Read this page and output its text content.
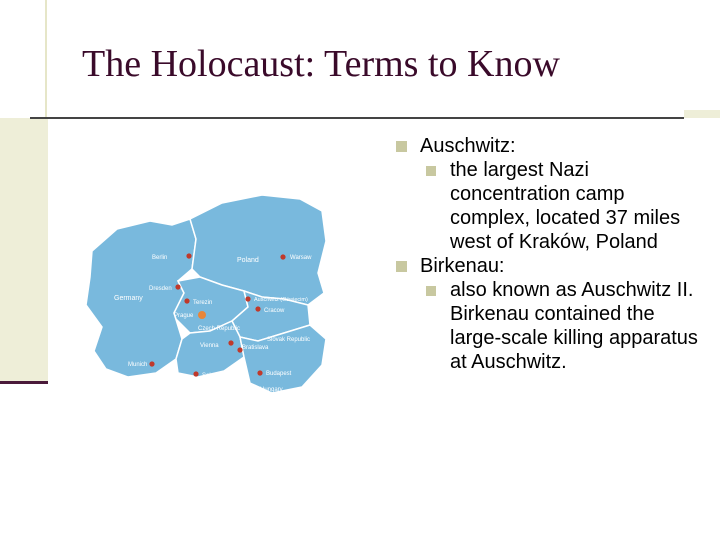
The Holocaust: Terms to Know
Poland
Germany
Czech Republic
Slovak Republic
Austria	Hungary
Berlin	Warsaw
Dresden
Terezin
Prague
Auschwitz (Oświęcim)
Cracow
Vienna	Bratislava
Munich
Salzburg	Budapest
Auschwitz:
the largest Nazi concentration camp complex, located 37 miles west of Kraków, Poland
Birkenau:
also known as Auschwitz II. Birkenau contained the large-scale killing apparatus at Auschwitz.
